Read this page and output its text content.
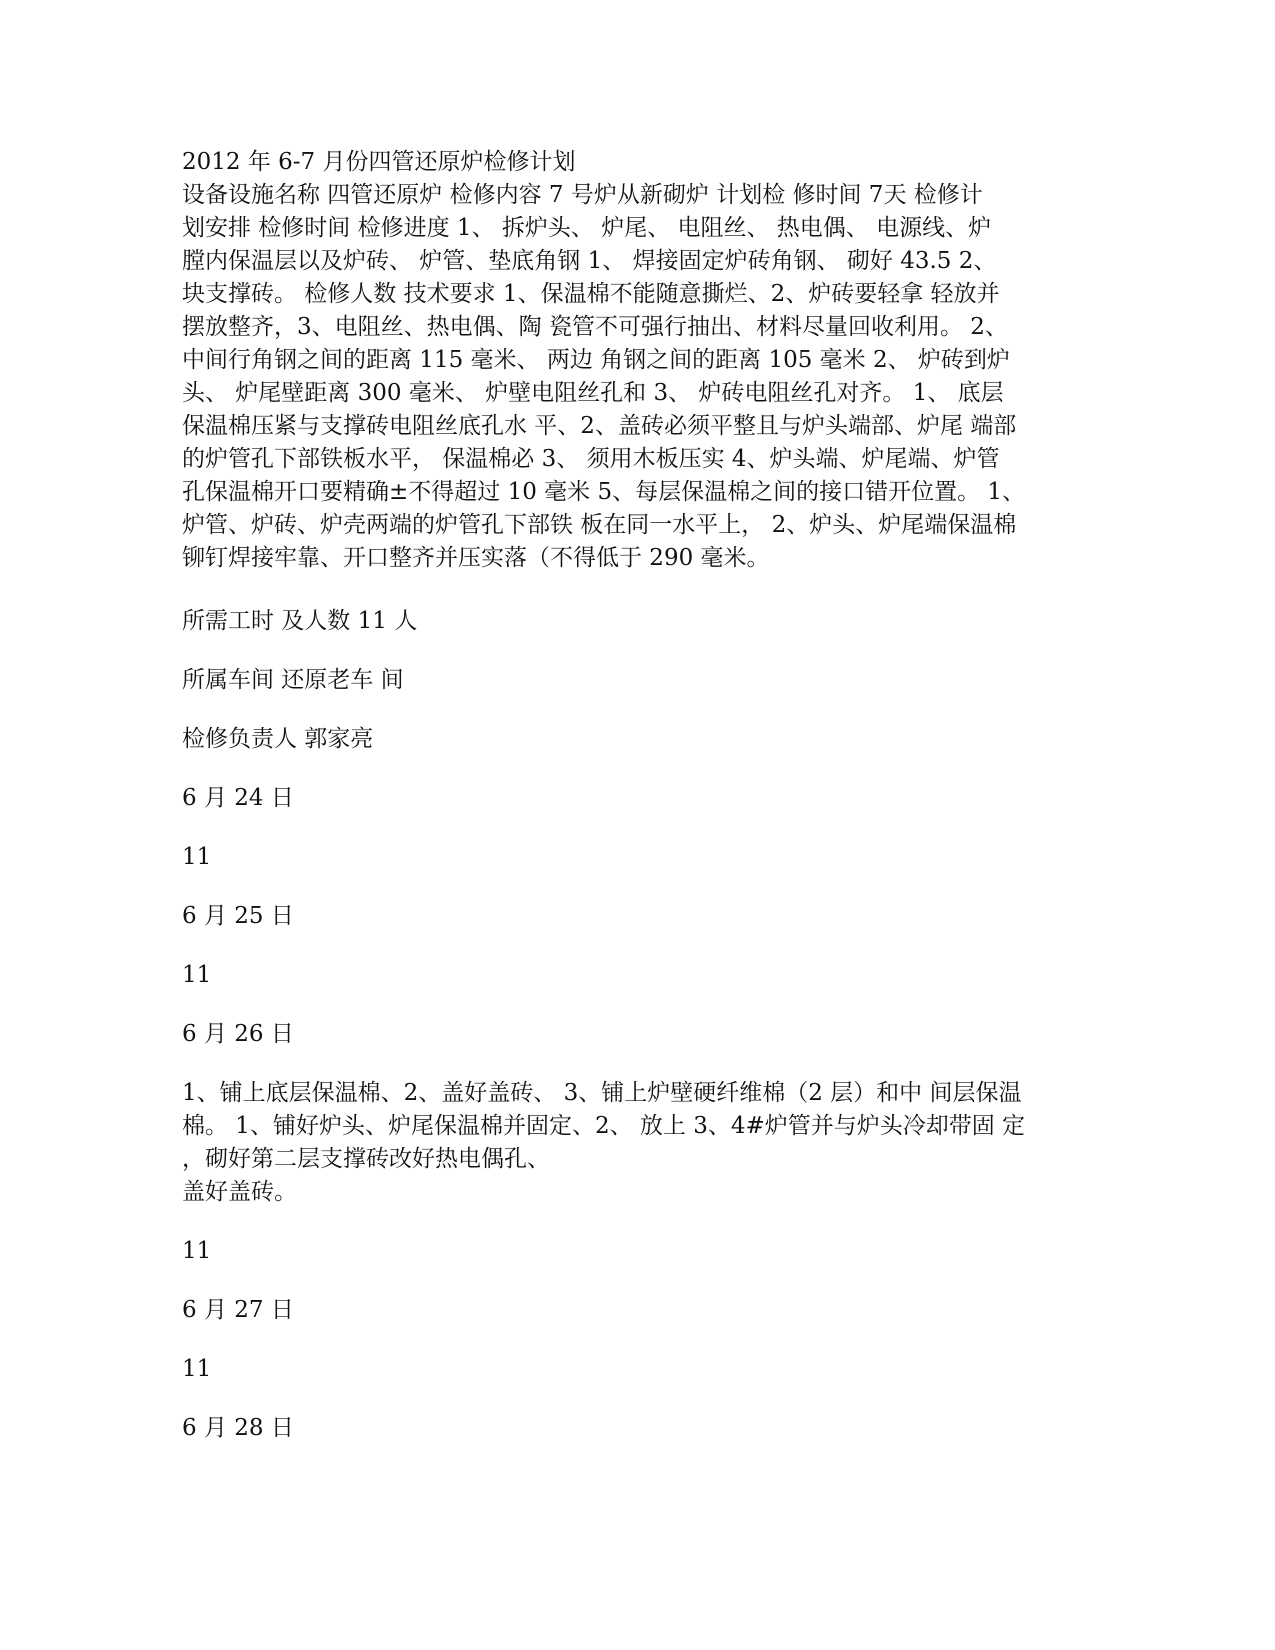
2012 年 6-7 月份四管还原炉检修计划

设备设施名称 四管还原炉 检修内容 7 号炉从新砌炉 计划检 修时间 7天 检修计
划安排 检修时间 检修进度 1、 拆炉头、 炉尾、 电阻丝、 热电偶、 电源线、炉
膛内保温层以及炉砖、 炉管、垫底角钢 1、 焊接固定炉砖角钢、 砌好 43.5 2、
块支撑砖。 检修人数 技术要求 1、保温棉不能随意撕烂、2、炉砖要轻拿 轻放并
摆放整齐，3、电阻丝、热电偶、陶 瓷管不可强行抽出、材料尽量回收利用。 2、
中间行角钢之间的距离 115 毫米、 两边 角钢之间的距离 105 毫米 2、 炉砖到炉
头、 炉尾壁距离 300 毫米、 炉壁电阻丝孔和 3、 炉砖电阻丝孔对齐。 1、 底层
保温棉压紧与支撑砖电阻丝底孔水 平、2、盖砖必须平整且与炉头端部、炉尾 端部
的炉管孔下部铁板水平， 保温棉必 3、 须用木板压实 4、炉头端、炉尾端、炉管
孔保温棉开口要精确±不得超过 10 毫米 5、每层保温棉之间的接口错开位置。 1、
炉管、炉砖、炉壳两端的炉管孔下部铁 板在同一水平上， 2、炉头、炉尾端保温棉
铆钉焊接牢靠、开口整齐并压实落（不得低于 290 毫米。

所需工时 及人数 11 人

所属车间 还原老车 间

检修负责人 郭家亮

6 月 24 日

11

6 月 25 日

11

6 月 26 日

1、铺上底层保温棉、2、盖好盖砖、 3、铺上炉壁硬纤维棉（2 层）和中 间层保温
棉。 1、铺好炉头、炉尾保温棉并固定、2、 放上 3、4#炉管并与炉头冷却带固 定
，砌好第二层支撑砖改好热电偶孔、
盖好盖砖。

11

6 月 27 日

11

6 月 28 日
